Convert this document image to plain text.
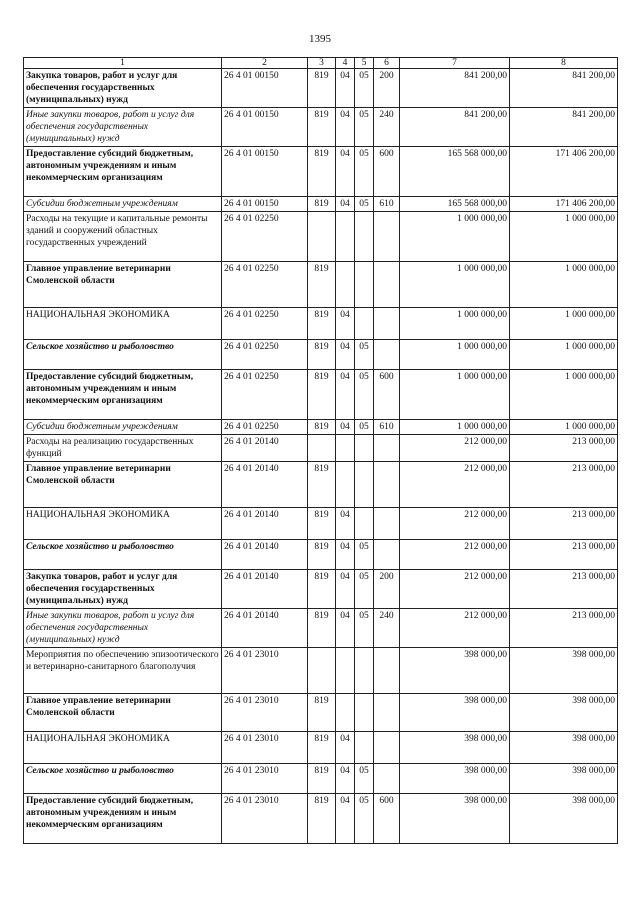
1395
1	2	3	4	5	6	7	8
Закупка товаров, работ и услуг для обеспечения государственных (муниципальных) нужд	26 4 01 00150	819	04	05	200	841 200,00	841 200,00
Иные закупки товаров, работ и услуг для обеспечения государственных (муниципальных) нужд	26 4 01 00150	819	04	05	240	841 200,00	841 200,00
Предоставление субсидий бюджетным, автономным учреждениям и иным некоммерческим организациям	26 4 01 00150	819	04	05	600	165 568 000,00	171 406 200,00
Субсидии бюджетным учреждениям	26 4 01 00150	819	04	05	610	165 568 000,00	171 406 200,00
Расходы на текущие и капитальные ремонты зданий и сооружений областных государственных учреждений	26 4 01 02250					1 000 000,00	1 000 000,00
Главное управление ветеринарии Смоленской области	26 4 01 02250	819				1 000 000,00	1 000 000,00
НАЦИОНАЛЬНАЯ ЭКОНОМИКА	26 4 01 02250	819	04			1 000 000,00	1 000 000,00
Сельское хозяйство и рыболовство	26 4 01 02250	819	04	05		1 000 000,00	1 000 000,00
Предоставление субсидий бюджетным, автономным учреждениям и иным некоммерческим организациям	26 4 01 02250	819	04	05	600	1 000 000,00	1 000 000,00
Субсидии бюджетным учреждениям	26 4 01 02250	819	04	05	610	1 000 000,00	1 000 000,00
Расходы на реализацию государственных функций	26 4 01 20140					212 000,00	213 000,00
Главное управление ветеринарии Смоленской области	26 4 01 20140	819				212 000,00	213 000,00
НАЦИОНАЛЬНАЯ ЭКОНОМИКА	26 4 01 20140	819	04			212 000,00	213 000,00
Сельское хозяйство и рыболовство	26 4 01 20140	819	04	05		212 000,00	213 000,00
Закупка товаров, работ и услуг для обеспечения государственных (муниципальных) нужд	26 4 01 20140	819	04	05	200	212 000,00	213 000,00
Иные закупки товаров, работ и услуг для обеспечения государственных (муниципальных) нужд	26 4 01 20140	819	04	05	240	212 000,00	213 000,00
Мероприятия по обеспечению эпизоотического и ветеринарно-санитарного благополучия	26 4 01 23010					398 000,00	398 000,00
Главное управление ветеринарии Смоленской области	26 4 01 23010	819				398 000,00	398 000,00
НАЦИОНАЛЬНАЯ ЭКОНОМИКА	26 4 01 23010	819	04			398 000,00	398 000,00
Сельское хозяйство и рыболовство	26 4 01 23010	819	04	05		398 000,00	398 000,00
Предоставление субсидий бюджетным, автономным учреждениям и иным некоммерческим организациям	26 4 01 23010	819	04	05	600	398 000,00	398 000,00
